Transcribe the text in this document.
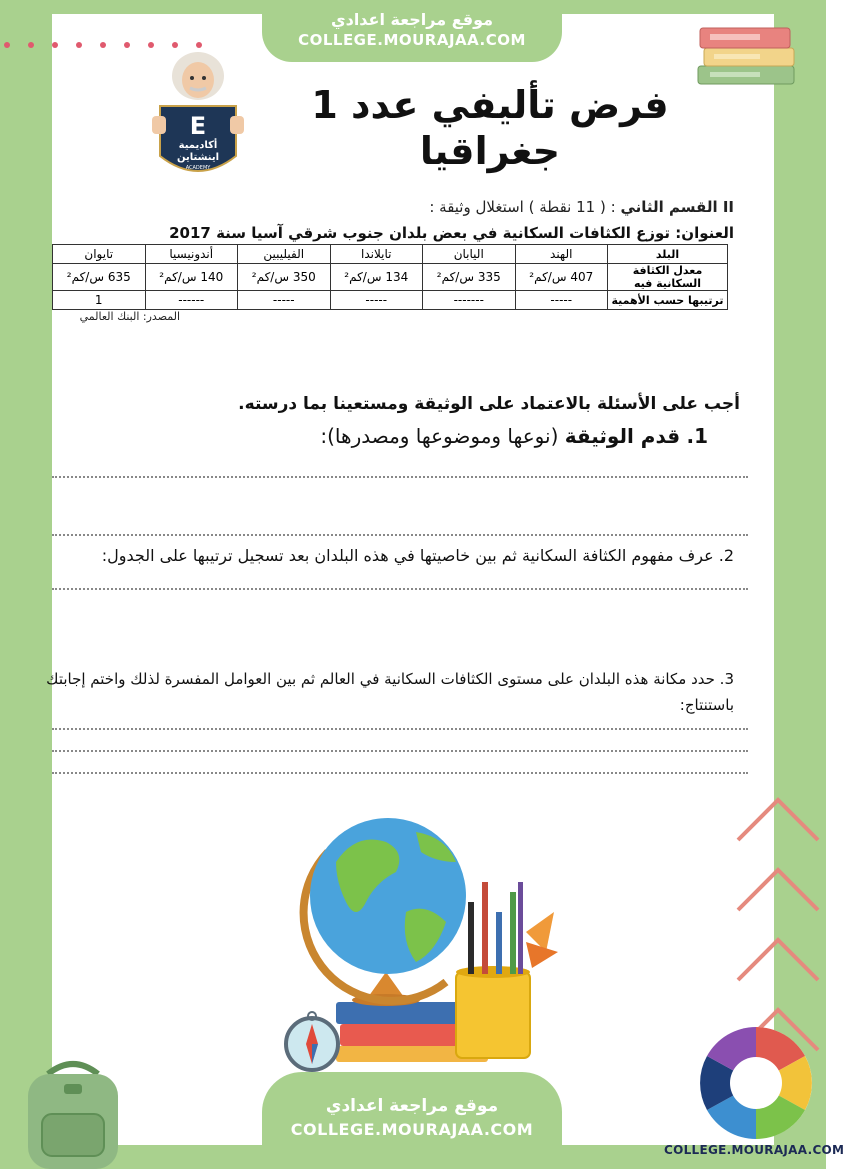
موقع مراجعة اعدادي
COLLEGE.MOURAJAA.COM
E
أكاديمية
اينشتاين
ACADEMY
فرض تأليفي عدد 1
جغراقيا
II القسم الثاني : ( 11 نقطة ) استغلال وثيقة :
العنوان: توزع الكثافات السكانية في بعض بلدان جنوب شرقي آسيا سنة 2017
البلد	الهند	اليابان	تايلاندا	الفيليبين	أندونيسيا	تايوان
معدل الكثافة السكانية فيه	407 س/كم²	335 س/كم²	134 س/كم²	350 س/كم²	140 س/كم²	635 س/كم²
ترتيبها حسب الأهمية	-----	-------	-----	-----	------	1
المصدر: البنك العالمي
أجب على الأسئلة بالاعتماد على الوثيقة ومستعينا بما درسته.
1. قدم الوثيقة (نوعها وموضوعها ومصدرها):
2. عرف مفهوم الكثافة السكانية ثم بين خاصيتها في هذه البلدان بعد تسجيل ترتيبها على الجدول:
3. حدد مكانة هذه البلدان على مستوى الكثافات السكانية في العالم ثم بين العوامل المفسرة لذلك واختم إجابتك
باستنتاج:
موقع مراجعة اعدادي
COLLEGE.MOURAJAA.COM
COLLEGE.MOURAJAA.COM
